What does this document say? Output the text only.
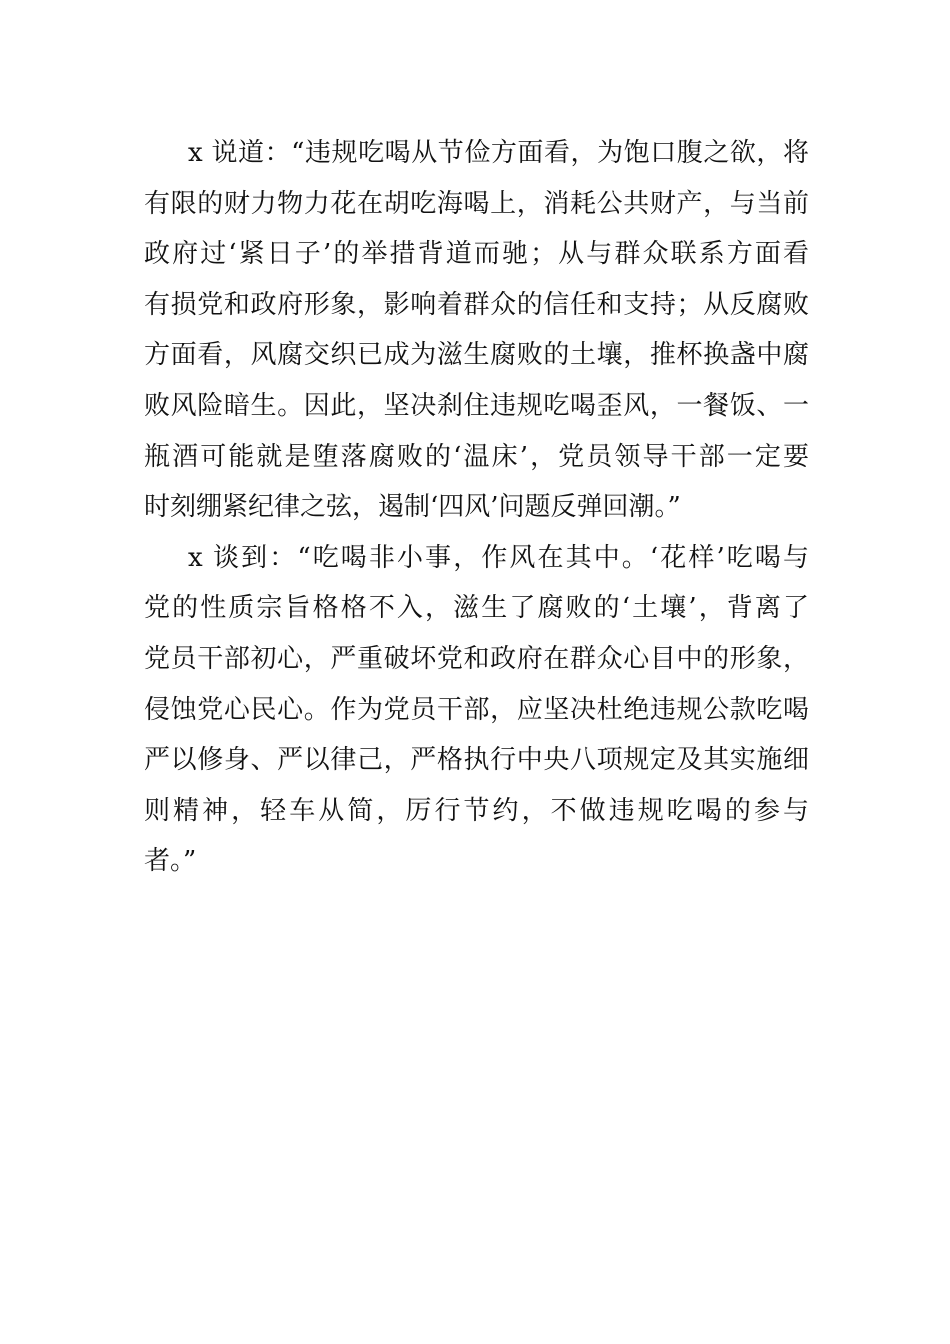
x 说道：“违规吃喝从节俭方面看，为饱口腹之欲，将
有限的财力物力花在胡吃海喝上，消耗公共财产，与当前
政府过‘紧日子’的举措背道而驰；从与群众联系方面看
有损党和政府形象，影响着群众的信任和支持；从反腐败
方面看，风腐交织已成为滋生腐败的土壤，推杯换盏中腐
败风险暗生。因此，坚决刹住违规吃喝歪风，一餐饭、一
瓶酒可能就是堕落腐败的‘温床’，党员领导干部一定要
时刻绷紧纪律之弦，遏制‘四风’问题反弹回潮。”
x 谈到：“吃喝非小事，作风在其中。‘花样’吃喝与
党的性质宗旨格格不入，滋生了腐败的‘土壤’，背离了
党员干部初心，严重破坏党和政府在群众心目中的形象，
侵蚀党心民心。作为党员干部，应坚决杜绝违规公款吃喝
严以修身、严以律己，严格执行中央八项规定及其实施细
则精神，轻车从简，厉行节约，不做违规吃喝的参与
者。”
